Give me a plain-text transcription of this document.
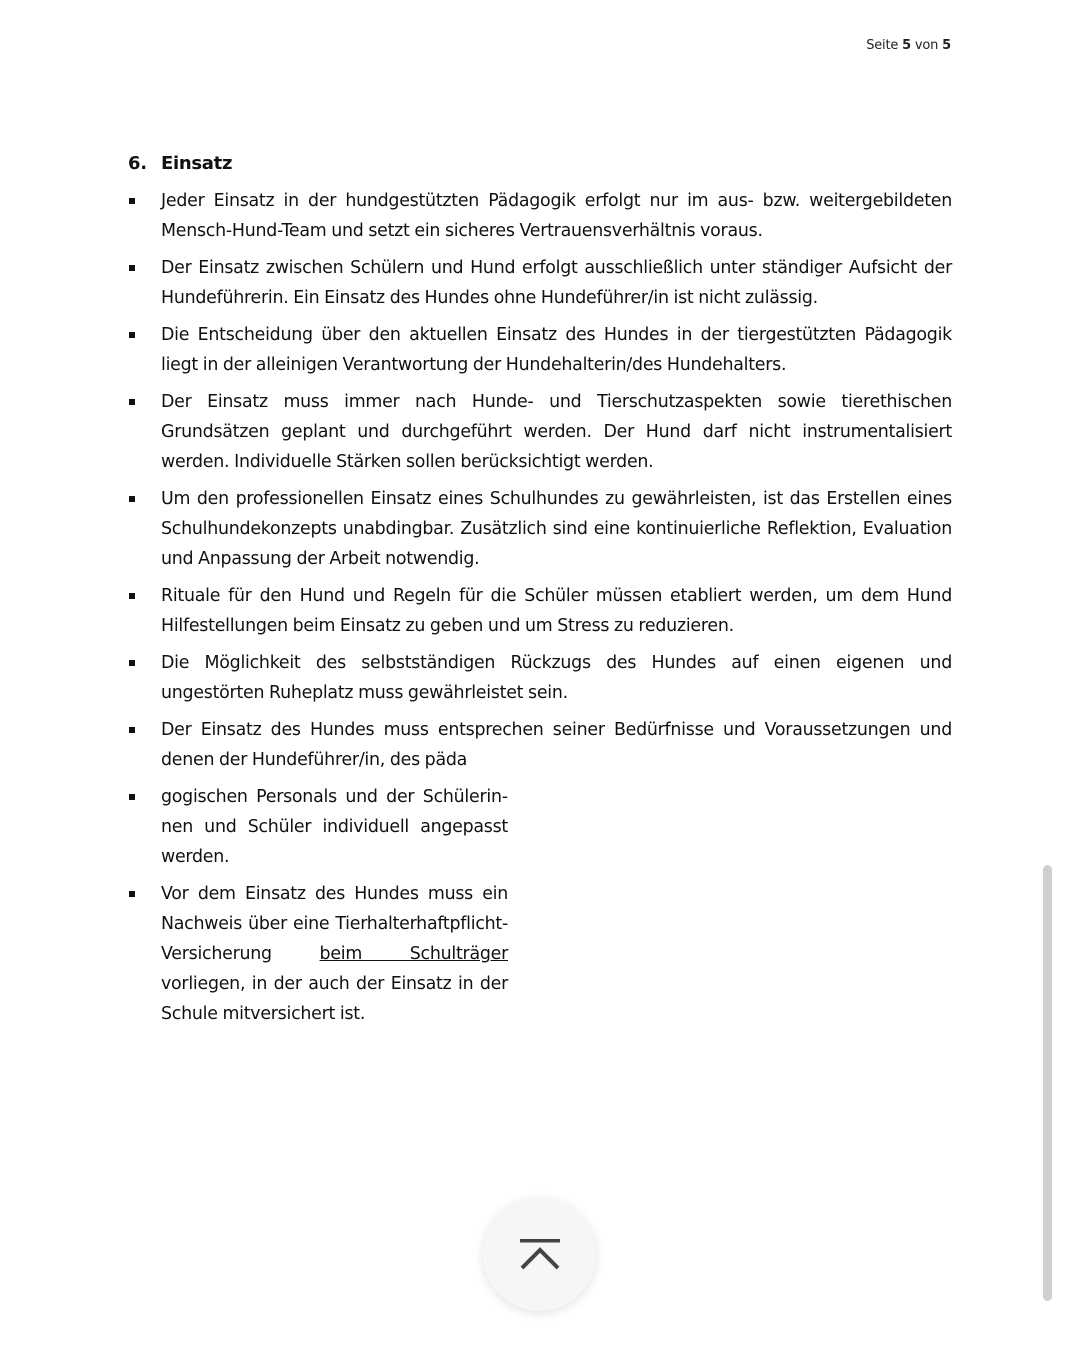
Seite 5 von 5
6. Einsatz
Jeder Einsatz in der hundgestützten Pädagogik erfolgt nur im aus- bzw. weitergebildeten Mensch-Hund-Team und setzt ein sicheres Vertrauensverhältnis voraus.
Der Einsatz zwischen Schülern und Hund erfolgt ausschließlich unter ständiger Aufsicht der Hundeführerin. Ein Einsatz des Hundes ohne Hundeführer/in ist nicht zulässig.
Die Entscheidung über den aktuellen Einsatz des Hundes in der tiergestützten Pädagogik liegt in der alleinigen Verantwortung der Hundehalterin/des Hundehalters.
Der Einsatz muss immer nach Hunde- und Tierschutzaspekten sowie tierethischen Grundsätzen geplant und durchgeführt werden. Der Hund darf nicht instrumentalisiert werden. Individuelle Stärken sollen berücksichtigt werden.
Um den professionellen Einsatz eines Schulhundes zu gewährleisten, ist das Erstellen eines Schulhundekonzepts unabdingbar. Zusätzlich sind eine kontinuierliche Reflektion, Evaluation und Anpassung der Arbeit notwendig.
Rituale für den Hund und Regeln für die Schüler müssen etabliert werden, um dem Hund Hilfestellungen beim Einsatz zu geben und um Stress zu reduzieren.
Die Möglichkeit des selbstständigen Rückzugs des Hundes auf einen eigenen und ungestörten Ruheplatz muss gewährleistet sein.
Der Einsatz des Hundes muss entsprechen seiner Bedürfnisse und Voraussetzungen und denen der Hundeführer/in, des päda
gogischen Personals und der Schülerinnen und Schüler individuell angepasst werden.
Vor dem Einsatz des Hundes muss ein Nachweis über eine Tierhalterhaftpflicht-Versicherung beim Schulträger vorliegen, in der auch der Einsatz in der Schule mitversichert ist.
